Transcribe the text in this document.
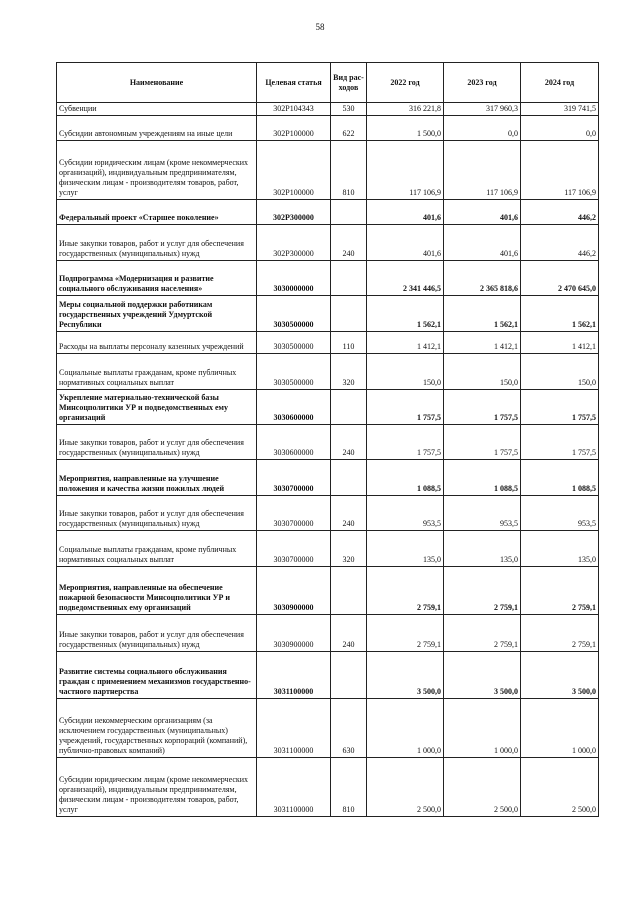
58
Наименование	Целевая статья	Вид рас-ходов	2022 год	2023 год	2024 год
Субвенции	302P104343	530	316 221,8	317 960,3	319 741,5
Субсидии автономным учреждениям на иные цели	302P100000	622	1 500,0	0,0	0,0
Субсидии юридическим лицам (кроме некоммерческих организаций), индивидуальным предпринимателям, физическим лицам - производителям товаров, работ, услуг	302P100000	810	117 106,9	117 106,9	117 106,9
Федеральный проект «Старшее поколение»	302P300000		401,6	401,6	446,2
Иные закупки товаров, работ и услуг для обеспечения государственных (муниципальных) нужд	302P300000	240	401,6	401,6	446,2
Подпрограмма «Модернизация и развитие социального обслуживания населения»	3030000000		2 341 446,5	2 365 818,6	2 470 645,0
Меры социальной поддержки работникам государственных учреждений Удмуртской Республики	3030500000		1 562,1	1 562,1	1 562,1
Расходы на выплаты персоналу казенных учреждений	3030500000	110	1 412,1	1 412,1	1 412,1
Социальные выплаты гражданам, кроме публичных нормативных социальных выплат	3030500000	320	150,0	150,0	150,0
Укрепление материально-технической базы Минсоцполитики УР и подведомственных ему организаций	3030600000		1 757,5	1 757,5	1 757,5
Иные закупки товаров, работ и услуг для обеспечения государственных (муниципальных) нужд	3030600000	240	1 757,5	1 757,5	1 757,5
Мероприятия, направленные на улучшение положения и качества жизни пожилых людей	3030700000		1 088,5	1 088,5	1 088,5
Иные закупки товаров, работ и услуг для обеспечения государственных (муниципальных) нужд	3030700000	240	953,5	953,5	953,5
Социальные выплаты гражданам, кроме публичных нормативных социальных выплат	3030700000	320	135,0	135,0	135,0
Мероприятия, направленные на обеспечение пожарной безопасности Минсоцполитики УР и подведомственных ему организаций	3030900000		2 759,1	2 759,1	2 759,1
Иные закупки товаров, работ и услуг для обеспечения государственных (муниципальных) нужд	3030900000	240	2 759,1	2 759,1	2 759,1
Развитие системы социального обслуживания граждан с применением механизмов государственно-частного партнерства	3031100000		3 500,0	3 500,0	3 500,0
Субсидии некоммерческим организациям (за исключением государственных (муниципальных) учреждений, государственных корпораций (компаний), публично-правовых компаний)	3031100000	630	1 000,0	1 000,0	1 000,0
Субсидии юридическим лицам (кроме некоммерческих организаций), индивидуальным предпринимателям, физическим лицам - производителям товаров, работ, услуг	3031100000	810	2 500,0	2 500,0	2 500,0
